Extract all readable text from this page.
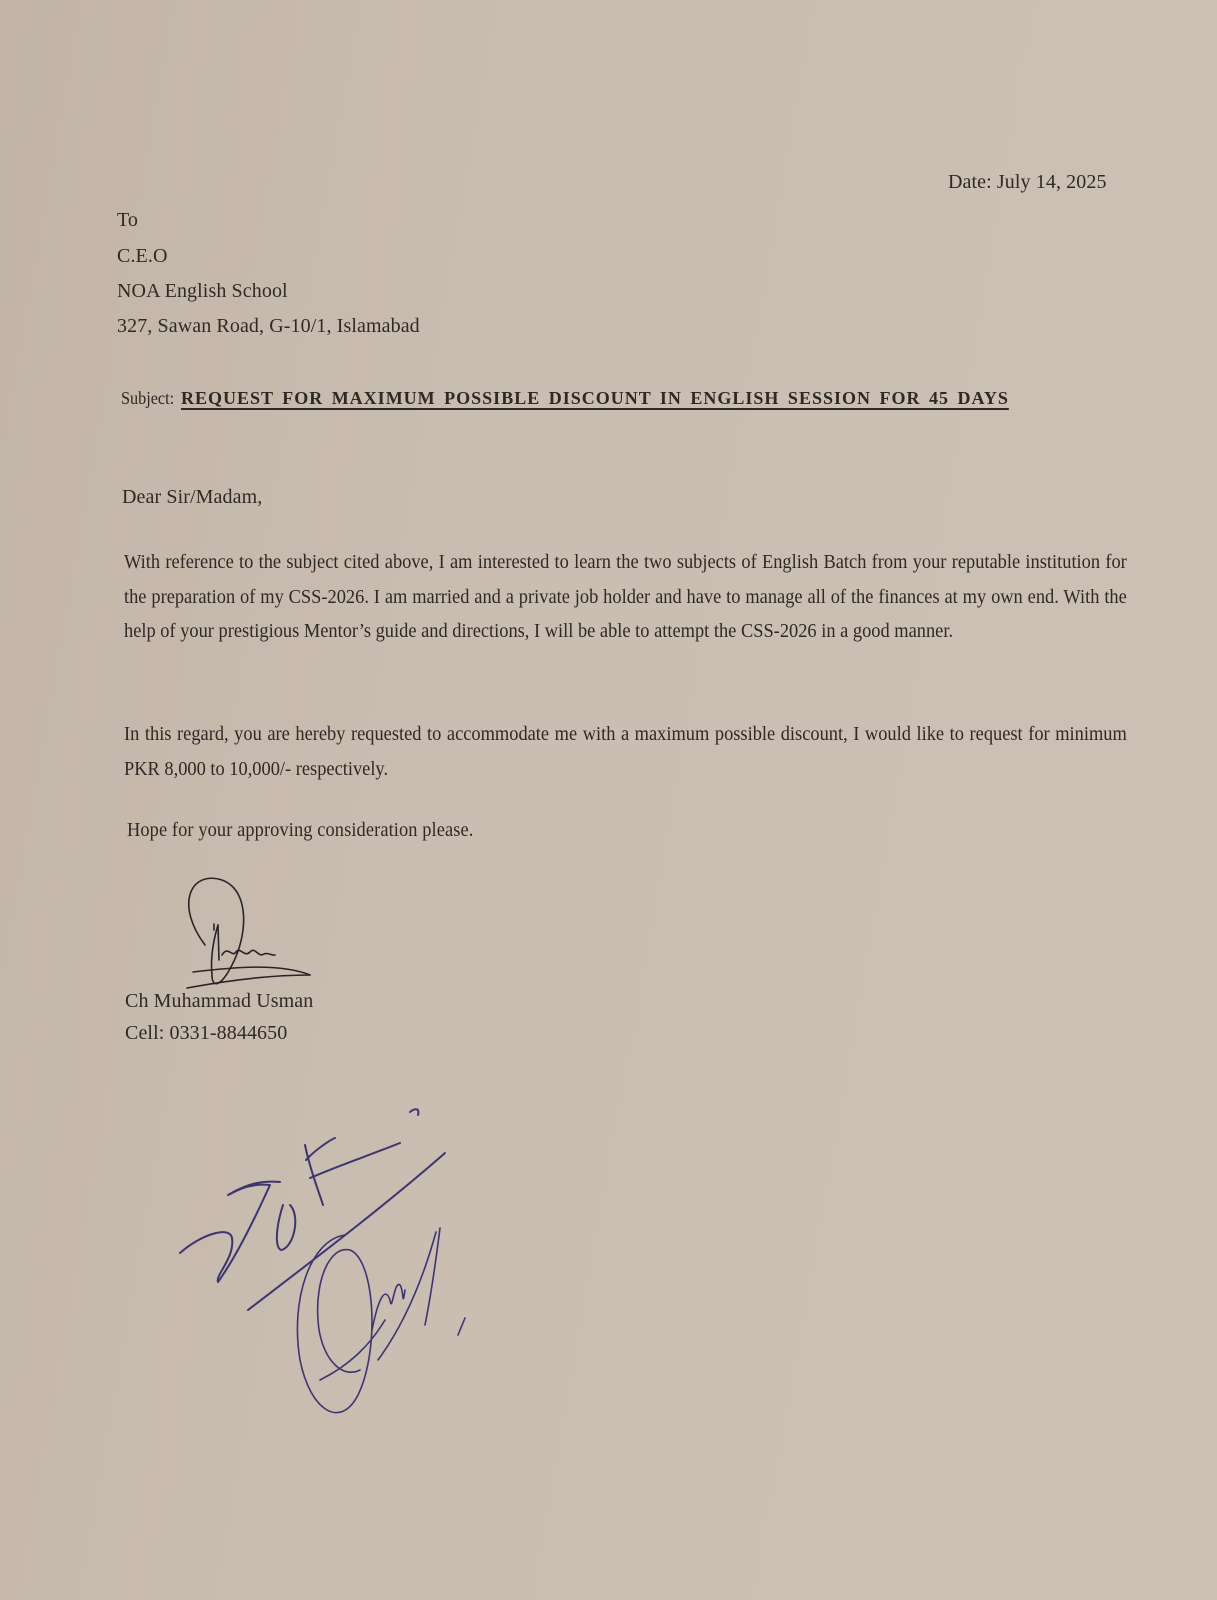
Date: July 14, 2025
To
C.E.O
NOA English School
327, Sawan Road, G-10/1, Islamabad
Subject: REQUEST FOR MAXIMUM POSSIBLE DISCOUNT IN ENGLISH SESSION FOR 45 DAYS
Dear Sir/Madam,
With reference to the subject cited above, I am interested to learn the two subjects of English Batch from your reputable institution for the preparation of my CSS-2026. I am married and a private job holder and have to manage all of the finances at my own end. With the help of your prestigious Mentor’s guide and directions, I will be able to attempt the CSS-2026 in a good manner.
In this regard, you are hereby requested to accommodate me with a maximum possible discount, I would like to request for minimum PKR 8,000 to 10,000/- respectively.
Hope for your approving consideration please.
Ch Muhammad Usman
Cell: 0331-8844650
